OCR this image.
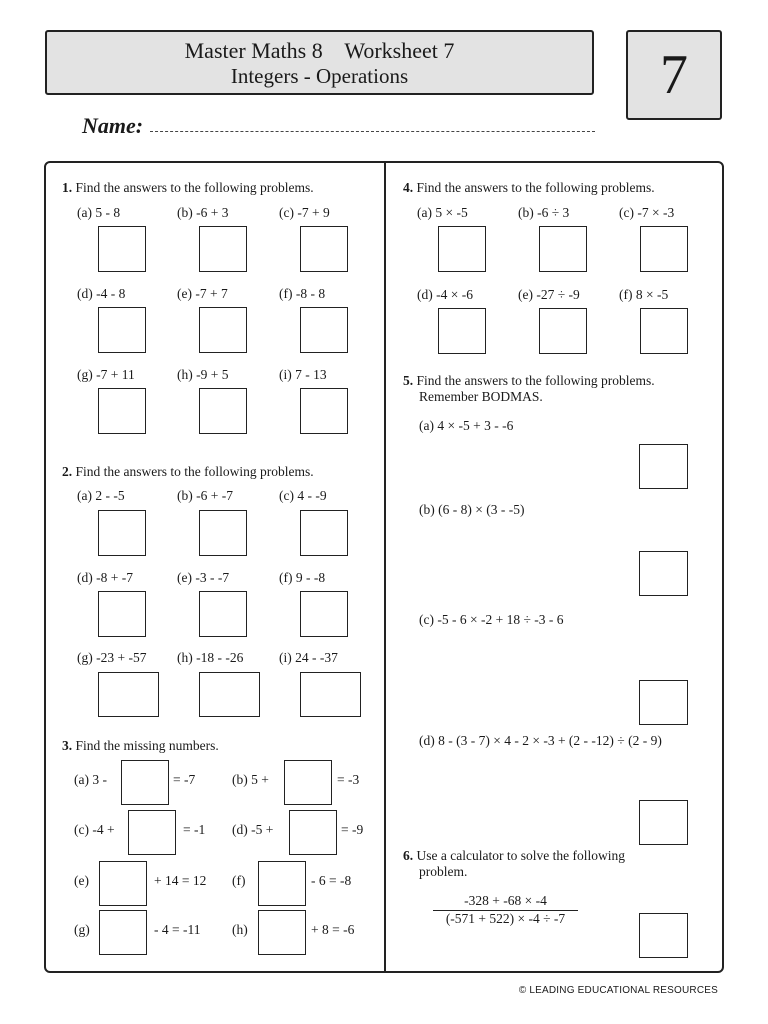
Master Maths 8    Worksheet 7
Integers - Operations	7
Name:
1. Find the answers to the following problems.
(a) 5 - 8	(b) -6 + 3	(c) -7 + 9
(d) -4 - 8	(e) -7 + 7	(f) -8 - 8
(g) -7 + 11	(h) -9 + 5	(i) 7 - 13
2. Find the answers to the following problems.
(a) 2 - -5	(b) -6 + -7	(c) 4 - -9
(d) -8 + -7	(e) -3 - -7	(f) 9 - -8
(g) -23 + -57 (h) -18 - -26	(i) 24 - -37
3. Find the missing numbers.
(a) 3 -	= -7	(b) 5 +	= -3
(c) -4 +	= -1 (d) -5 +	= -9
(e)	+ 14 = 12 (f)	- 6 = -8
(g)	- 4 = -11 (h)	+ 8 = -6
4. Find the answers to the following problems.
(a) 5 × -5	(b) -6 ÷ 3	(c) -7 × -3
(d) -4 × -6	(e) -27 ÷ -9	(f) 8 × -5
5. Find the answers to the following problems.
Remember BODMAS.
(a) 4 × -5 + 3 - -6
(b) (6 - 8) × (3 - -5)
(c) -5 - 6 × -2 + 18 ÷ -3 - 6
(d) 8 - (3 - 7) × 4 - 2 × -3 + (2 - -12) ÷ (2 - 9)
6. Use a calculator to solve the following
problem.
$\frac{-328 + -68 \times -4}{(-571 + 522) \times -4 \div -7}$
© LEADING EDUCATIONAL RESOURCES
